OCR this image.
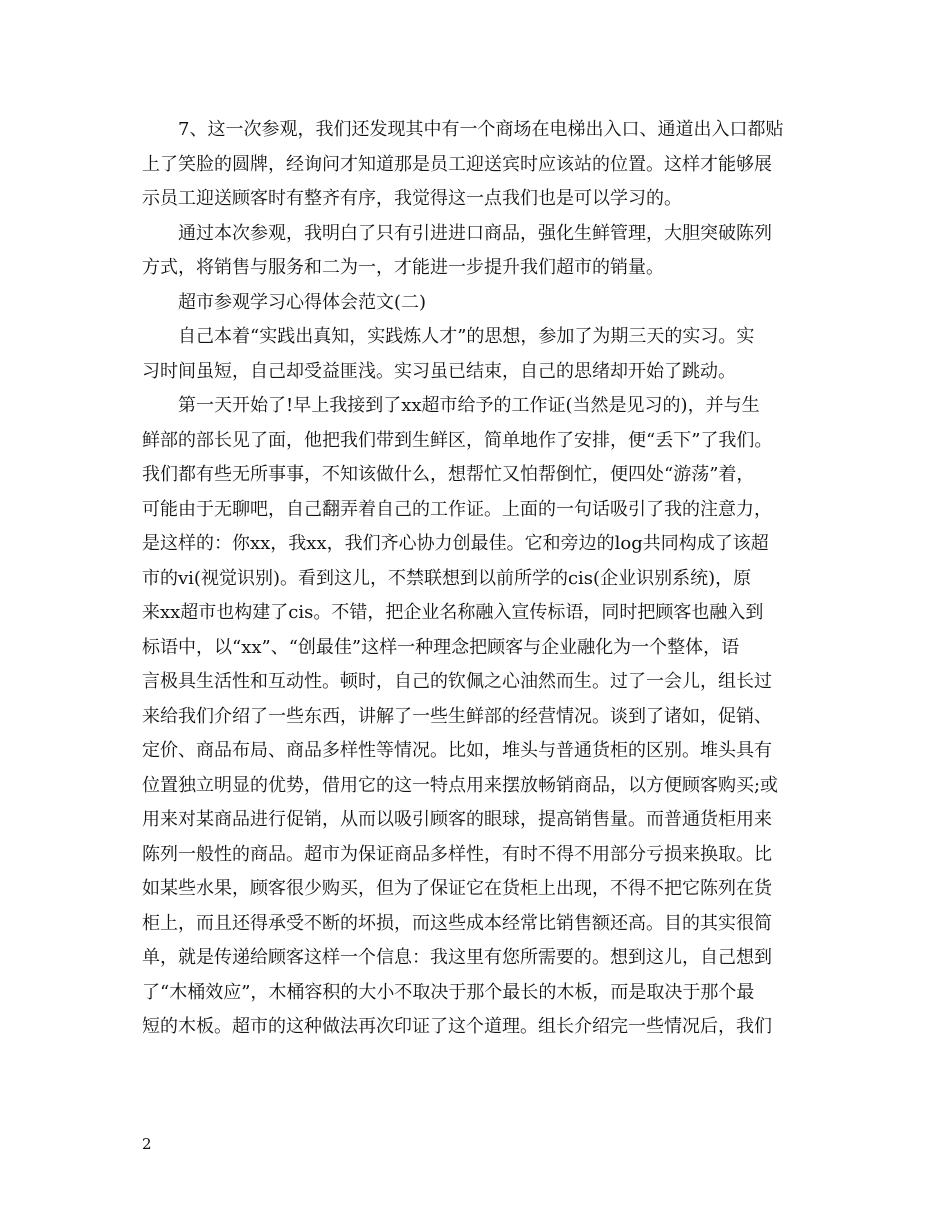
7、这一次参观，我们还发现其中有一个商场在电梯出入口、通道出入口都贴
上了笑脸的圆牌，经询问才知道那是员工迎送宾时应该站的位置。这样才能够展
示员工迎送顾客时有整齐有序，我觉得这一点我们也是可以学习的。
通过本次参观，我明白了只有引进进口商品，强化生鲜管理，大胆突破陈列
方式，将销售与服务和二为一，才能进一步提升我们超市的销量。
超市参观学习心得体会范文(二)
自己本着“实践出真知，实践炼人才”的思想，参加了为期三天的实习。实
习时间虽短，自己却受益匪浅。实习虽已结束，自己的思绪却开始了跳动。
第一天开始了!早上我接到了xx超市给予的工作证(当然是见习的)，并与生
鲜部的部长见了面，他把我们带到生鲜区，简单地作了安排，便“丢下”了我们。
我们都有些无所事事，不知该做什么，想帮忙又怕帮倒忙，便四处“游荡”着，
可能由于无聊吧，自己翻弄着自己的工作证。上面的一句话吸引了我的注意力，
是这样的：你xx，我xx，我们齐心协力创最佳。它和旁边的log共同构成了该超
市的vi(视觉识别)。看到这儿，不禁联想到以前所学的cis(企业识别系统)，原
来xx超市也构建了cis。不错，把企业名称融入宣传标语，同时把顾客也融入到
标语中，以“xx”、“创最佳”这样一种理念把顾客与企业融化为一个整体，语
言极具生活性和互动性。顿时，自己的钦佩之心油然而生。过了一会儿，组长过
来给我们介绍了一些东西，讲解了一些生鲜部的经营情况。谈到了诸如，促销、
定价、商品布局、商品多样性等情况。比如，堆头与普通货柜的区别。堆头具有
位置独立明显的优势，借用它的这一特点用来摆放畅销商品，以方便顾客购买;或
用来对某商品进行促销，从而以吸引顾客的眼球，提高销售量。而普通货柜用来
陈列一般性的商品。超市为保证商品多样性，有时不得不用部分亏损来换取。比
如某些水果，顾客很少购买，但为了保证它在货柜上出现，不得不把它陈列在货
柜上，而且还得承受不断的坏损，而这些成本经常比销售额还高。目的其实很简
单，就是传递给顾客这样一个信息：我这里有您所需要的。想到这儿，自己想到
了“木桶效应”，木桶容积的大小不取决于那个最长的木板，而是取决于那个最
短的木板。超市的这种做法再次印证了这个道理。组长介绍完一些情况后，我们
2
